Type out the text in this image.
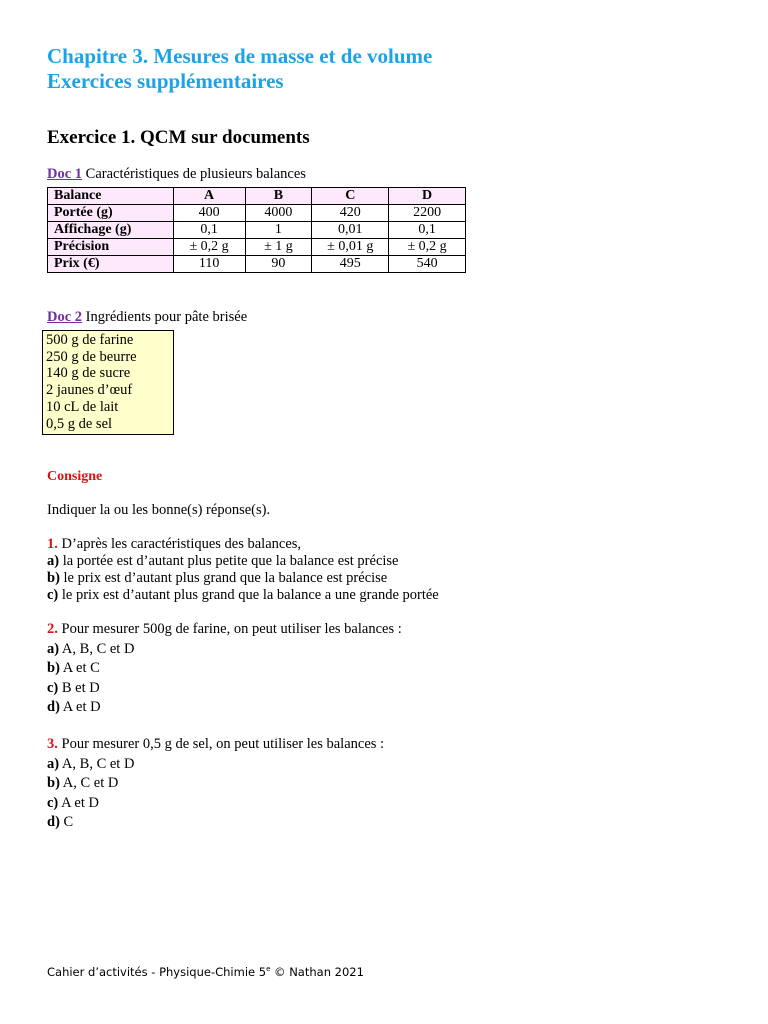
Chapitre 3. Mesures de masse et de volume
Exercices supplémentaires
Exercice 1. QCM sur documents
Doc 1 Caractéristiques de plusieurs balances
Balance	A	B	C	D
Portée (g)	400	4000	420	2200
Affichage (g)	0,1	1	0,01	0,1
Précision	± 0,2 g	± 1 g	± 0,01 g	± 0,2 g
Prix (€)	110	90	495	540
Doc 2 Ingrédients pour pâte brisée
500 g de farine
250 g de beurre
140 g de sucre
2 jaunes d’œuf
10 cL de lait
0,5 g de sel
Consigne
Indiquer la ou les bonne(s) réponse(s).
1. D’après les caractéristiques des balances,
a) la portée est d’autant plus petite que la balance est précise
b) le prix est d’autant plus grand que la balance est précise
c) le prix est d’autant plus grand que la balance a une grande portée
2. Pour mesurer 500g de farine, on peut utiliser les balances :
a) A, B, C et D
b) A et C
c) B et D
d) A et D
3. Pour mesurer 0,5 g de sel, on peut utiliser les balances :
a) A, B, C et D
b) A, C et D
c) A et D
d) C
Cahier d’activités - Physique-Chimie 5e © Nathan 2021
